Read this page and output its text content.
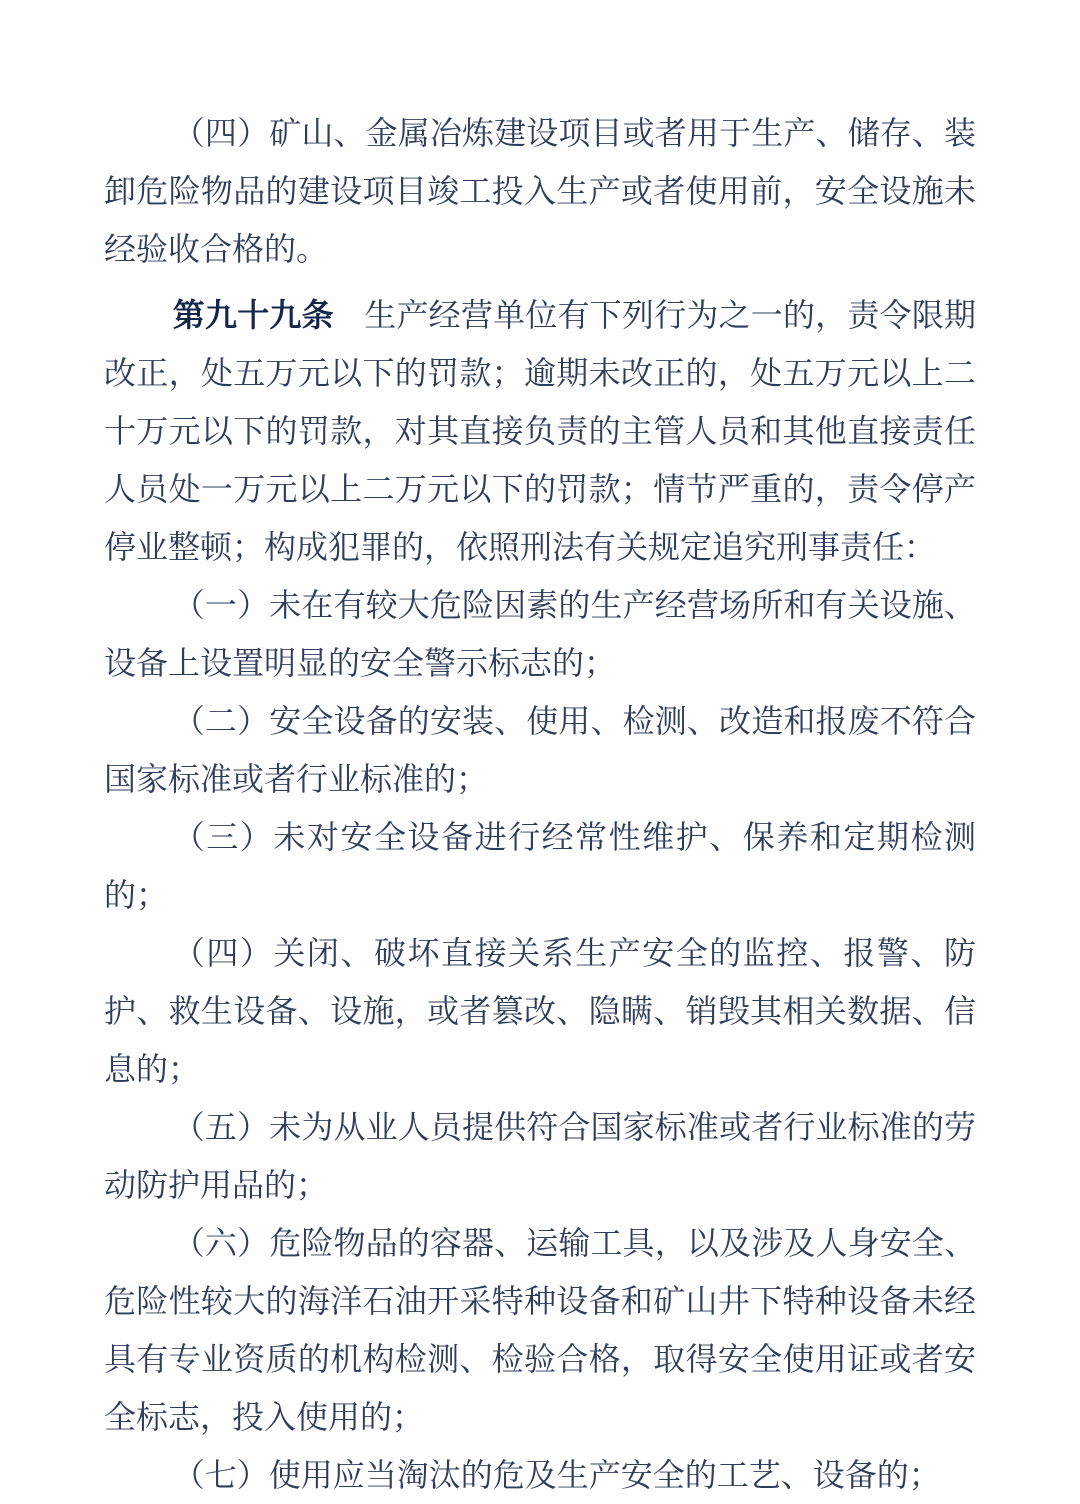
（四）矿山、金属冶炼建设项目或者用于生产、储存、装卸危险物品的建设项目竣工投入生产或者使用前，安全设施未经验收合格的。

第九十九条 生产经营单位有下列行为之一的，责令限期改正，处五万元以下的罚款；逾期未改正的，处五万元以上二十万元以下的罚款，对其直接负责的主管人员和其他直接责任人员处一万元以上二万元以下的罚款；情节严重的，责令停产停业整顿；构成犯罪的，依照刑法有关规定追究刑事责任：

（一）未在有较大危险因素的生产经营场所和有关设施、设备上设置明显的安全警示标志的；

（二）安全设备的安装、使用、检测、改造和报废不符合国家标准或者行业标准的；

（三）未对安全设备进行经常性维护、保养和定期检测的；

（四）关闭、破坏直接关系生产安全的监控、报警、防护、救生设备、设施，或者篡改、隐瞒、销毁其相关数据、信息的；

（五）未为从业人员提供符合国家标准或者行业标准的劳动防护用品的；

（六）危险物品的容器、运输工具，以及涉及人身安全、危险性较大的海洋石油开采特种设备和矿山井下特种设备未经具有专业资质的机构检测、检验合格，取得安全使用证或者安全标志，投入使用的；

（七）使用应当淘汰的危及生产安全的工艺、设备的；
